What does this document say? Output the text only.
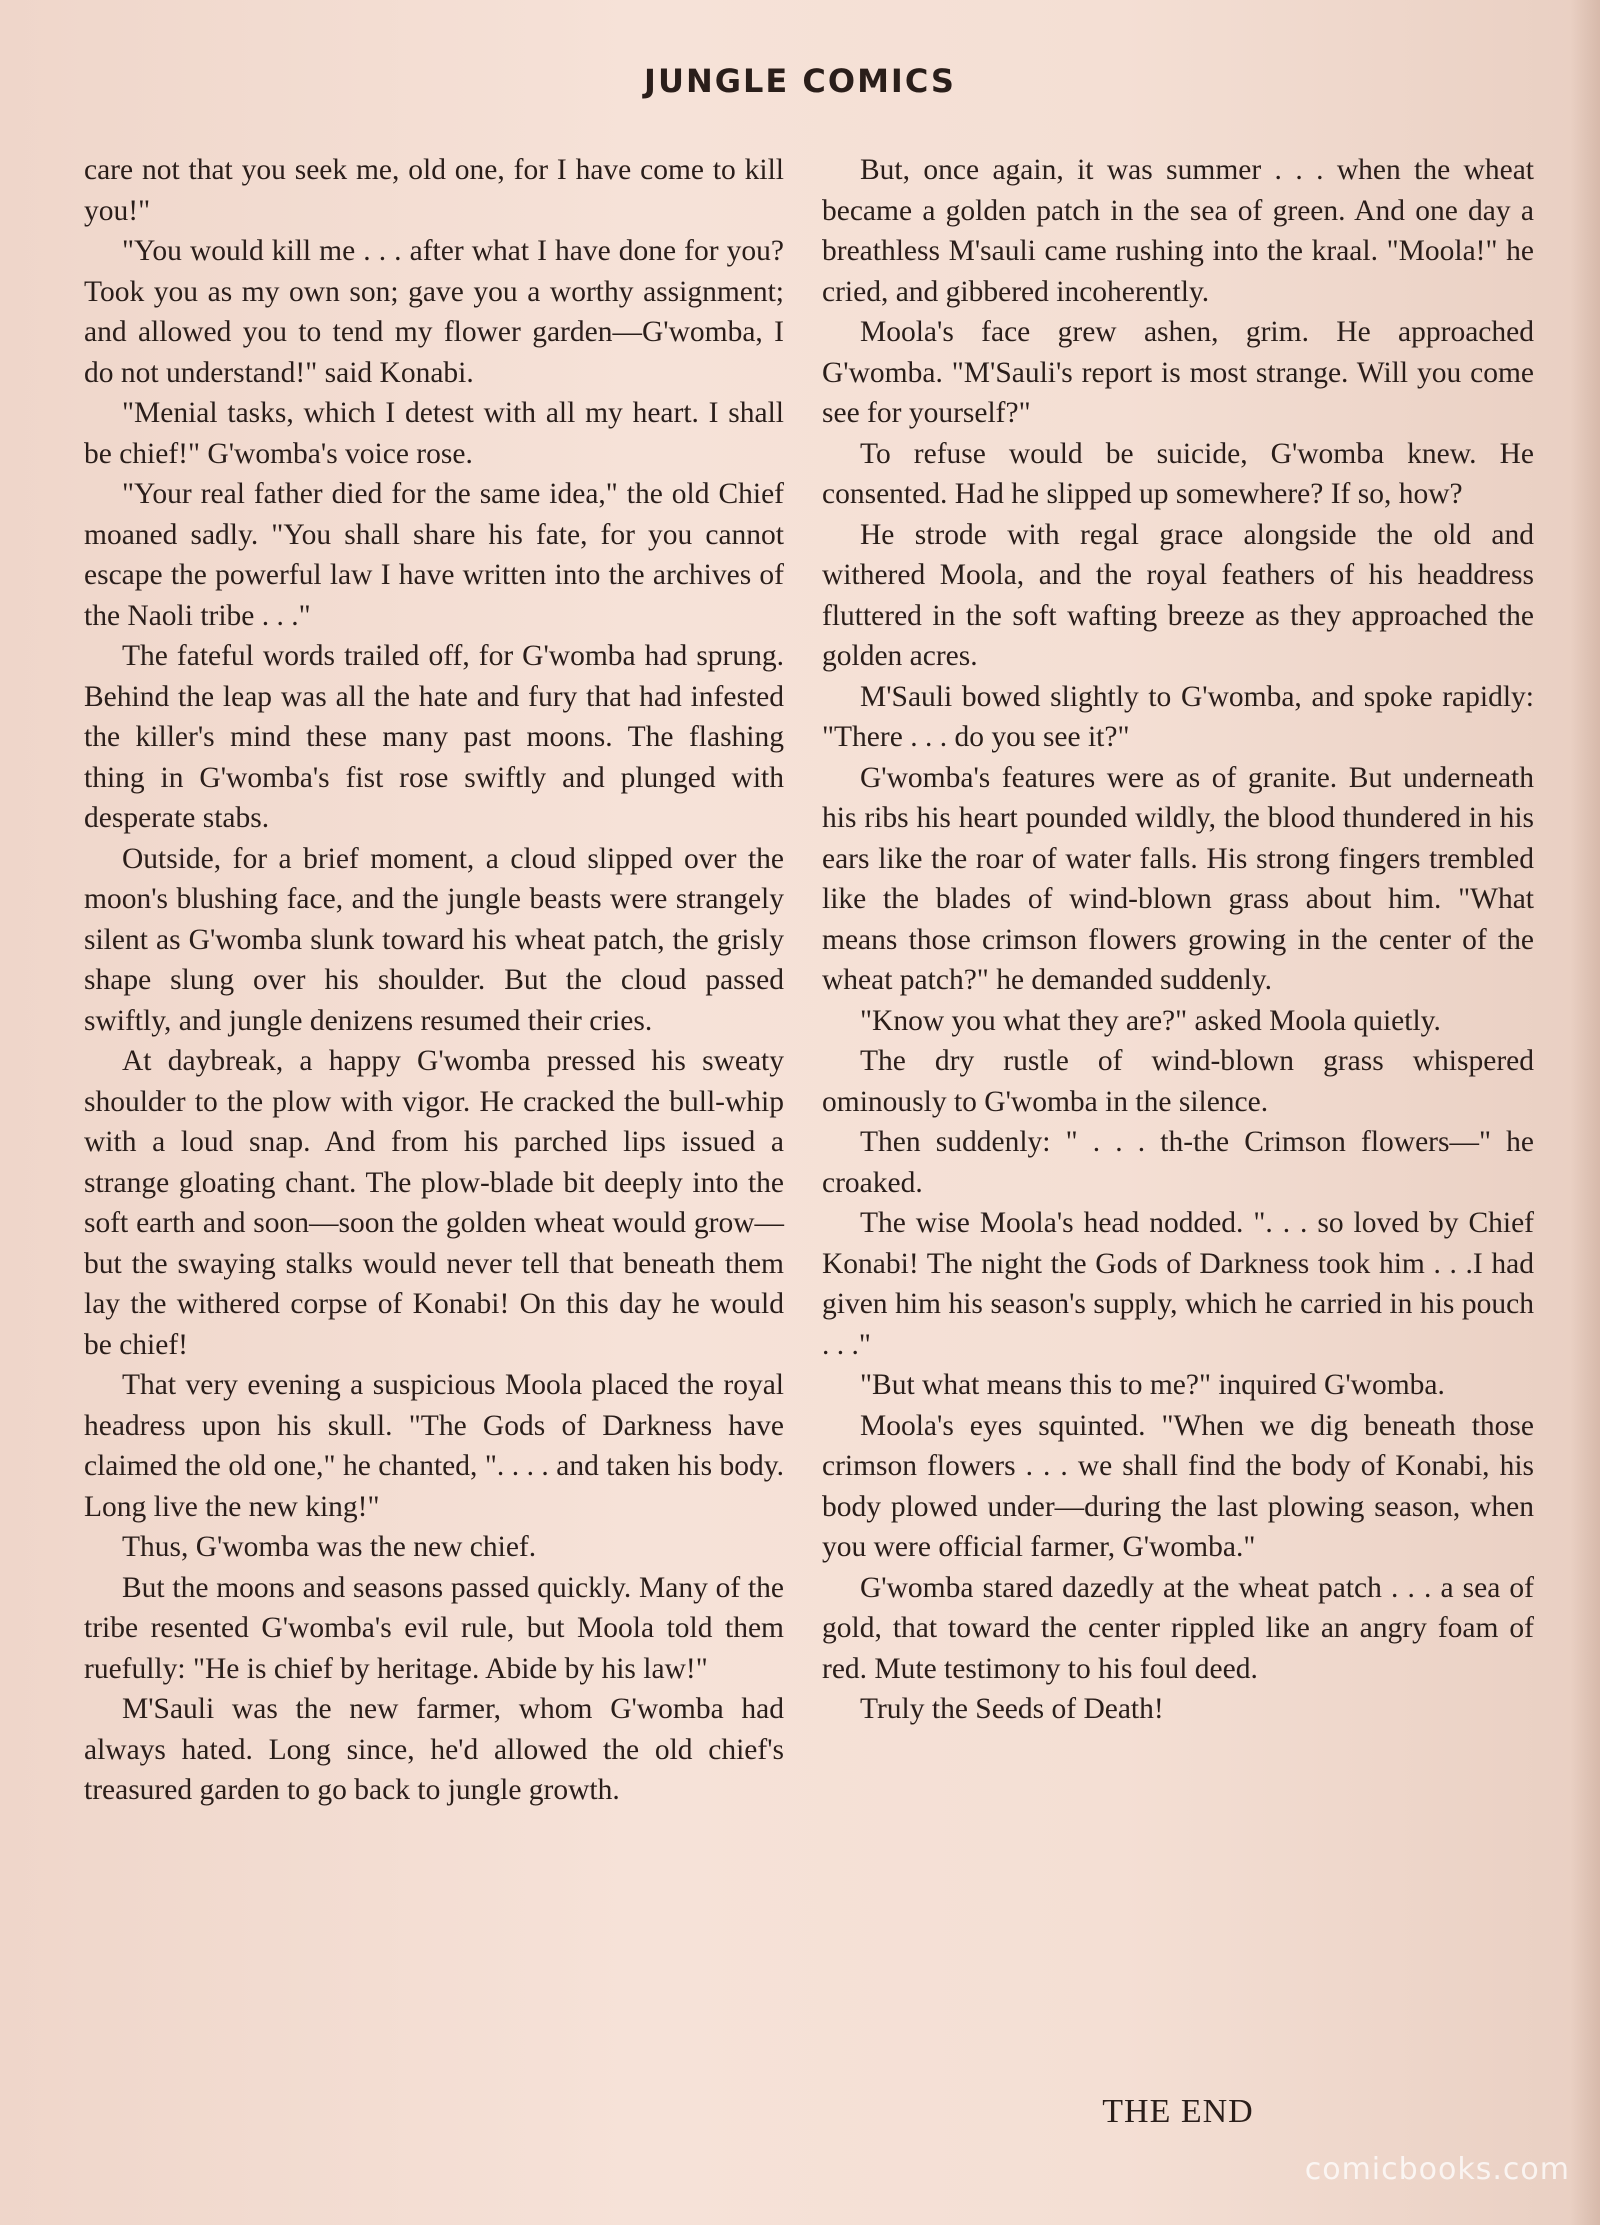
JUNGLE COMICS

care not that you seek me, old one, for I have come to kill you!"

"You would kill me . . . after what I have done for you? Took you as my own son; gave you a worthy assignment; and allowed you to tend my flower garden—G'womba, I do not understand!" said Konabi.

"Menial tasks, which I detest with all my heart. I shall be chief!" G'womba's voice rose.

"Your real father died for the same idea," the old Chief moaned sadly. "You shall share his fate, for you cannot escape the powerful law I have written into the archives of the Naoli tribe . . ."

The fateful words trailed off, for G'womba had sprung. Behind the leap was all the hate and fury that had infested the killer's mind these many past moons. The flashing thing in G'womba's fist rose swiftly and plunged with desperate stabs.

Outside, for a brief moment, a cloud slipped over the moon's blushing face, and the jungle beasts were strangely silent as G'womba slunk toward his wheat patch, the grisly shape slung over his shoulder. But the cloud passed swiftly, and jungle denizens resumed their cries.

At daybreak, a happy G'womba pressed his sweaty shoulder to the plow with vigor. He cracked the bull-whip with a loud snap. And from his parched lips issued a strange gloating chant. The plow-blade bit deeply into the soft earth and soon—soon the golden wheat would grow—but the swaying stalks would never tell that beneath them lay the withered corpse of Konabi! On this day he would be chief!

That very evening a suspicious Moola placed the royal headress upon his skull. "The Gods of Darkness have claimed the old one," he chanted, ". . . . and taken his body. Long live the new king!"

Thus, G'womba was the new chief.

But the moons and seasons passed quickly. Many of the tribe resented G'womba's evil rule, but Moola told them ruefully: "He is chief by heritage. Abide by his law!"

M'Sauli was the new farmer, whom G'womba had always hated. Long since, he'd allowed the old chief's treasured garden to go back to jungle growth.

But, once again, it was summer . . . when the wheat became a golden patch in the sea of green. And one day a breathless M'sauli came rushing into the kraal. "Moola!" he cried, and gibbered incoherently.

Moola's face grew ashen, grim. He approached G'womba. "M'Sauli's report is most strange. Will you come see for yourself?"

To refuse would be suicide, G'womba knew. He consented. Had he slipped up somewhere? If so, how?

He strode with regal grace alongside the old and withered Moola, and the royal feathers of his headdress fluttered in the soft wafting breeze as they approached the golden acres.

M'Sauli bowed slightly to G'womba, and spoke rapidly: "There . . . do you see it?"

G'womba's features were as of granite. But underneath his ribs his heart pounded wildly, the blood thundered in his ears like the roar of water falls. His strong fingers trembled like the blades of wind-blown grass about him. "What means those crimson flowers growing in the center of the wheat patch?" he demanded suddenly.

"Know you what they are?" asked Moola quietly.

The dry rustle of wind-blown grass whispered ominously to G'womba in the silence.

Then suddenly: " . . . th-the Crimson flowers—" he croaked.

The wise Moola's head nodded. ". . . so loved by Chief Konabi! The night the Gods of Darkness took him . . .I had given him his season's supply, which he carried in his pouch . . ."

"But what means this to me?" inquired G'womba.

Moola's eyes squinted. "When we dig beneath those crimson flowers . . . we shall find the body of Konabi, his body plowed under—during the last plowing season, when you were official farmer, G'womba."

G'womba stared dazedly at the wheat patch . . . a sea of gold, that toward the center rippled like an angry foam of red. Mute testimony to his foul deed.

Truly the Seeds of Death!

THE END
comicbooks.com
